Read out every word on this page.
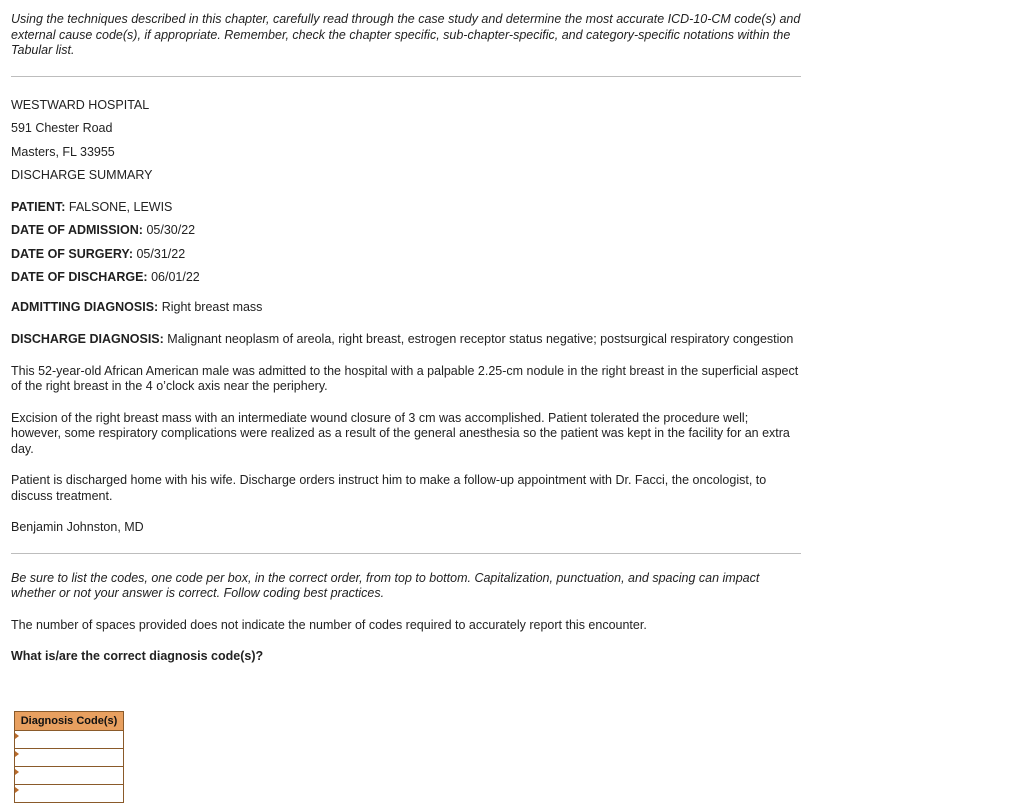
Using the techniques described in this chapter, carefully read through the case study and determine the most accurate ICD-10-CM code(s) and external cause code(s), if appropriate. Remember, check the chapter specific, sub-chapter-specific, and category-specific notations within the Tabular list.

WESTWARD HOSPITAL

591 Chester Road

Masters, FL 33955

DISCHARGE SUMMARY

PATIENT: FALSONE, LEWIS

DATE OF ADMISSION: 05/30/22

DATE OF SURGERY: 05/31/22

DATE OF DISCHARGE: 06/01/22

ADMITTING DIAGNOSIS: Right breast mass

DISCHARGE DIAGNOSIS: Malignant neoplasm of areola, right breast, estrogen receptor status negative; postsurgical respiratory congestion

This 52-year-old African American male was admitted to the hospital with a palpable 2.25-cm nodule in the right breast in the superficial aspect of the right breast in the 4 o’clock axis near the periphery.

Excision of the right breast mass with an intermediate wound closure of 3 cm was accomplished. Patient tolerated the procedure well; however, some respiratory complications were realized as a result of the general anesthesia so the patient was kept in the facility for an extra day.

Patient is discharged home with his wife. Discharge orders instruct him to make a follow-up appointment with Dr. Facci, the oncologist, to discuss treatment.

Benjamin Johnston, MD

Be sure to list the codes, one code per box, in the correct order, from top to bottom. Capitalization, punctuation, and spacing can impact whether or not your answer is correct. Follow coding best practices.

The number of spaces provided does not indicate the number of codes required to accurately report this encounter.

What is/are the correct diagnosis code(s)?

Diagnosis Code(s)
